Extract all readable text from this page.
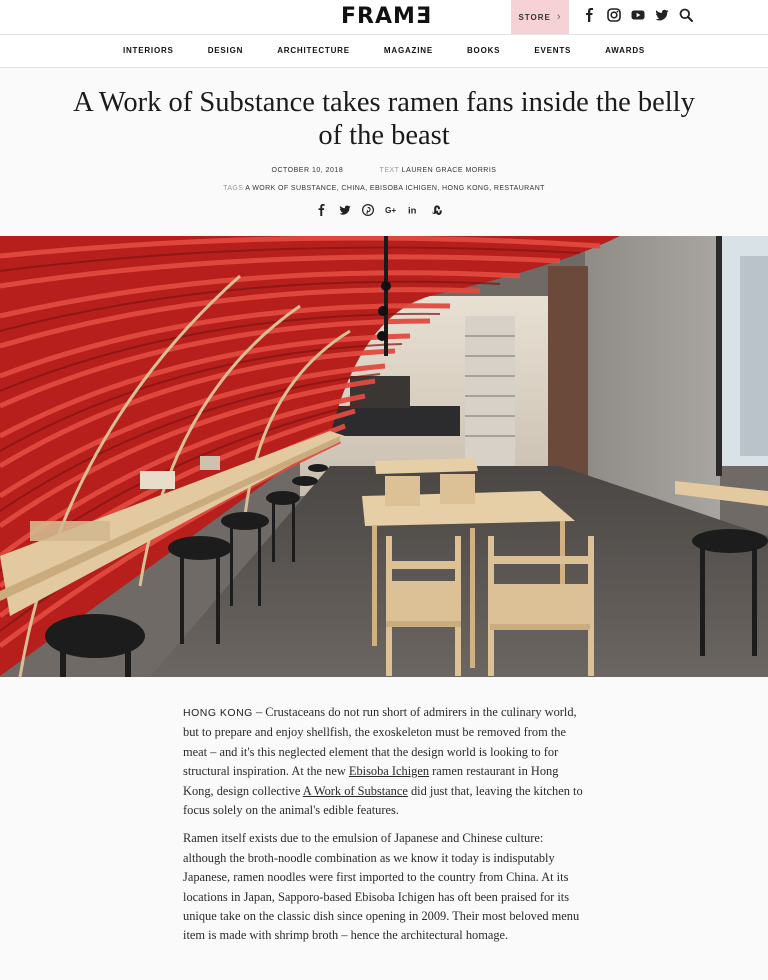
FRAMƎ	STORE ›
INTERIORS	DESIGN	ARCHITECTURE	MAGAZINE	BOOKS	EVENTS	AWARDS
A Work of Substance takes ramen fans inside the belly of the beast
OCTOBER 10, 2018	TEXT LAUREN GRACE MORRIS
TAGS A WORK OF SUBSTANCE, CHINA, EBISOBA ICHIGEN, HONG KONG, RESTAURANT
G+ in

HONG KONG – Crustaceans do not run short of admirers in the culinary world, but to prepare and enjoy shellfish, the exoskeleton must be removed from the meat – and it's this neglected element that the design world is looking to for structural inspiration. At the new Ebisoba Ichigen ramen restaurant in Hong Kong, design collective A Work of Substance did just that, leaving the kitchen to focus solely on the animal's edible features.

Ramen itself exists due to the emulsion of Japanese and Chinese culture: although the broth-noodle combination as we know it today is indisputably Japanese, ramen noodles were first imported to the country from China. At its locations in Japan, Sapporo-based Ebisoba Ichigen has oft been praised for its unique take on the classic dish since opening in 2009. Their most beloved menu item is made with shrimp broth – hence the architectural homage.
